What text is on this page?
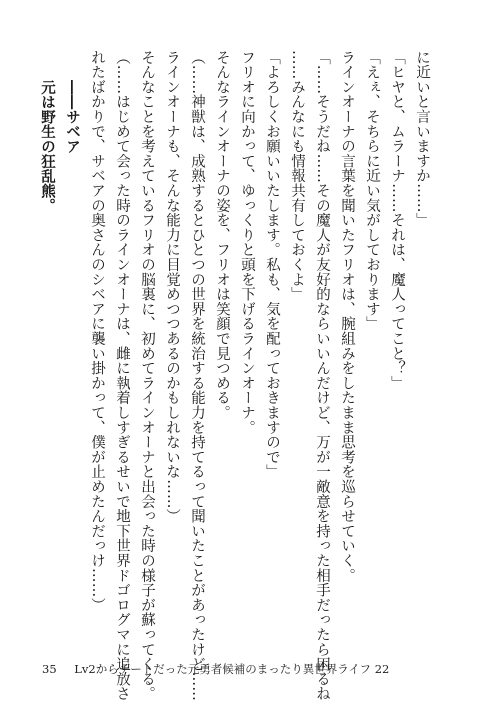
に近いと言いますか……」
「ヒヤと、ムラーナ……それは、魔人ってこと？」
「えぇ、そちらに近い気がしております」
ラインオーナの言葉を聞いたフリオは、腕組みをしたまま思考を巡らせていく。
「……そうだね……その魔人が友好的ならいいんだけど、万が一敵意を持った相手だったら困るね
……みんなにも情報共有しておくよ」
「よろしくお願いいたします。私も、気を配っておきますので」
フリオに向かって、ゆっくりと頭を下げるラインオーナ。
そんなラインオーナの姿を、フリオは笑顔で見つめる。
（……神獣は、成熟するとひとつの世界を統治する能力を持てるって聞いたことがあったけど……
ラインオーナも、そんな能力に目覚めつつあるのかもしれないな……）
そんなことを考えているフリオの脳裏に、初めてラインオーナと出会った時の様子が蘇ってくる。
（……はじめて会った時のラインオーナは、雌に執着しすぎるせいで地下世界ドゴログマに追放さ
れたばかりで、サベアの奥さんのシベアに襲い掛かって、僕が止めたんだっけ……）
――サベア
元は野生の狂乱熊。
35 Lv2からチートだった元勇者候補のまったり異世界ライフ 22
